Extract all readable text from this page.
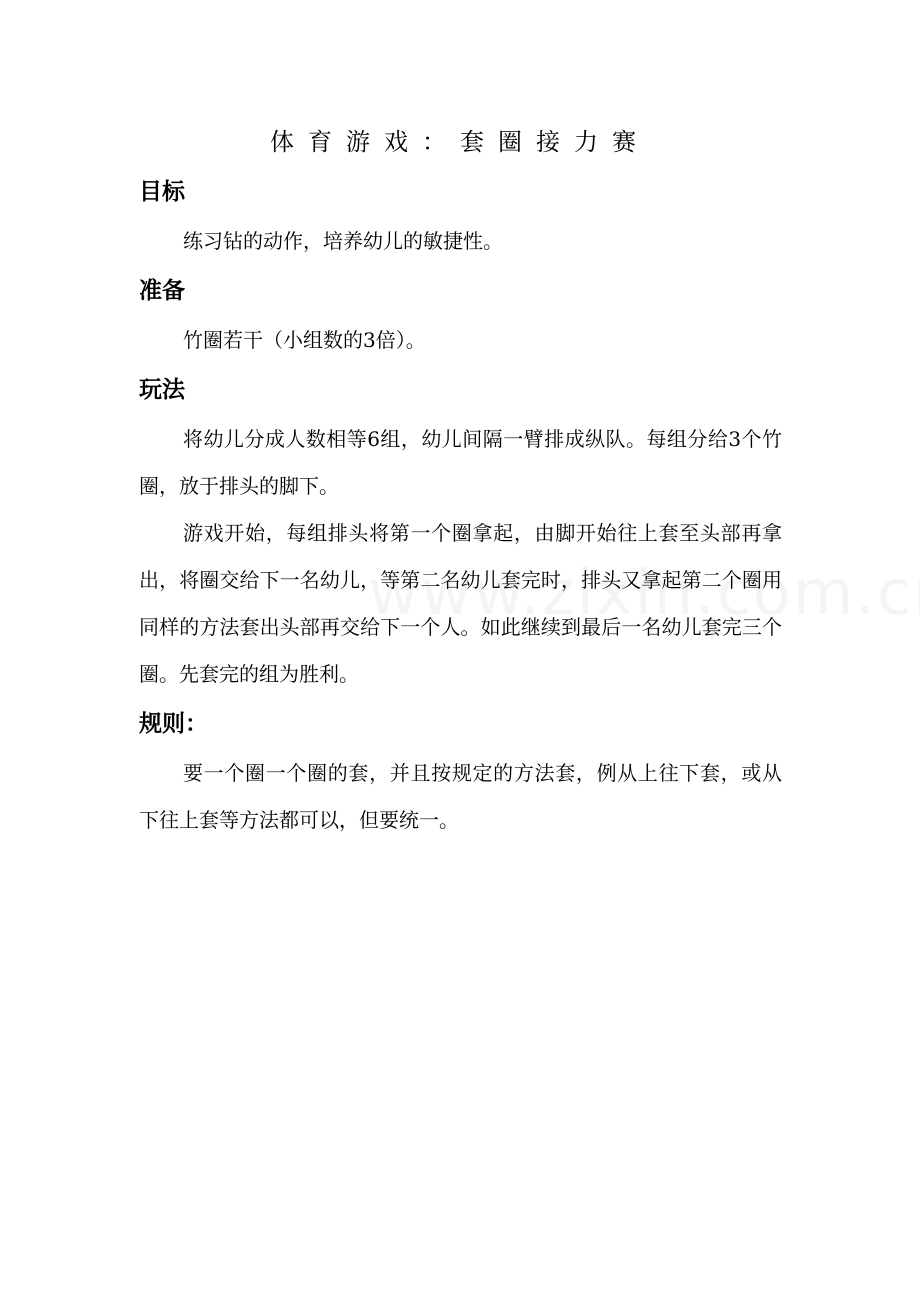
体育游戏：套圈接力赛
目标

练习钻的动作，培养幼儿的敏捷性。

准备

竹圈若干（小组数的3倍）。

玩法

将幼儿分成人数相等6组，幼儿间隔一臂排成纵队。每组分给3个竹圈，放于排头的脚下。

游戏开始，每组排头将第一个圈拿起，由脚开始往上套至头部再拿出，将圈交给下一名幼儿，等第二名幼儿套完时，排头又拿起第二个圈用同样的方法套出头部再交给下一个人。如此继续到最后一名幼儿套完三个圈。先套完的组为胜利。

规则：

要一个圈一个圈的套，并且按规定的方法套，例从上往下套，或从下往上套等方法都可以，但要统一。
